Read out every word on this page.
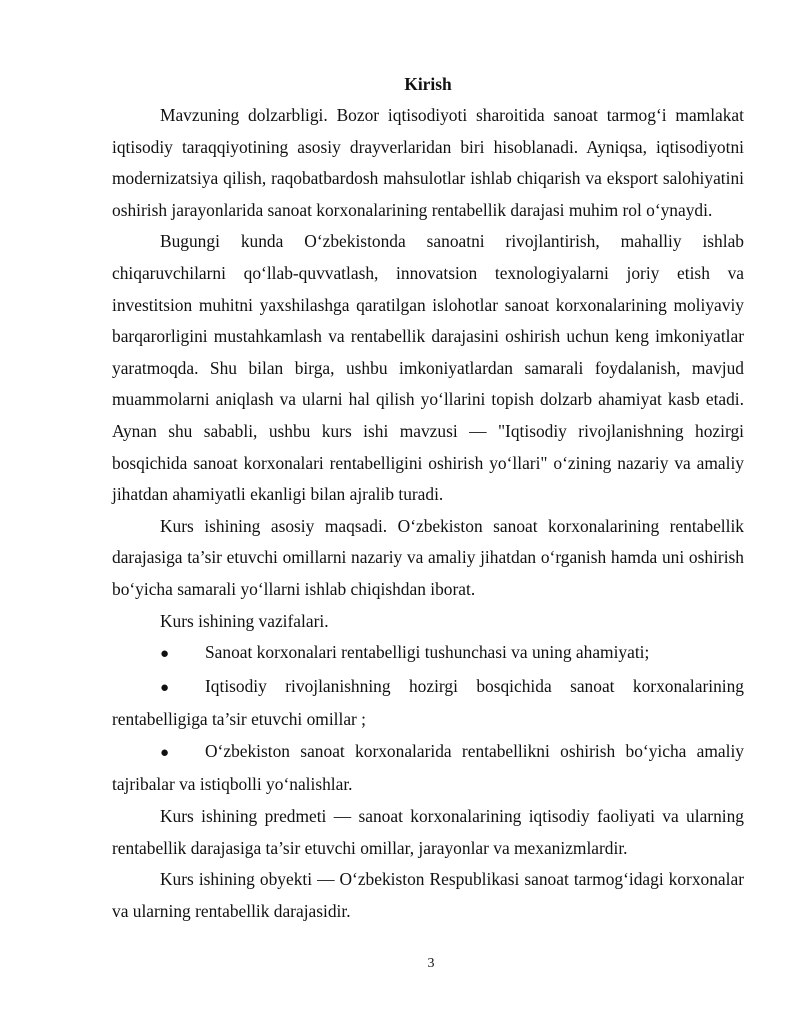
Kirish

Mavzuning dolzarbligi. Bozor iqtisodiyoti sharoitida sanoat tarmog‘i mamlakat iqtisodiy taraqqiyotining asosiy drayverlaridan biri hisoblanadi. Ayniqsa, iqtisodiyotni modernizatsiya qilish, raqobatbardosh mahsulotlar ishlab chiqarish va eksport salohiyatini oshirish jarayonlarida sanoat korxonalarining rentabellik darajasi muhim rol o‘ynaydi.

Bugungi kunda O‘zbekistonda sanoatni rivojlantirish, mahalliy ishlab chiqaruvchilarni qo‘llab-quvvatlash, innovatsion texnologiyalarni joriy etish va investitsion muhitni yaxshilashga qaratilgan islohotlar sanoat korxonalarining moliyaviy barqarorligini mustahkamlash va rentabellik darajasini oshirish uchun keng imkoniyatlar yaratmoqda. Shu bilan birga, ushbu imkoniyatlardan samarali foydalanish, mavjud muammolarni aniqlash va ularni hal qilish yo‘llarini topish dolzarb ahamiyat kasb etadi. Aynan shu sababli, ushbu kurs ishi mavzusi — "Iqtisodiy rivojlanishning hozirgi bosqichida sanoat korxonalari rentabelligini oshirish yo‘llari" o‘zining nazariy va amaliy jihatdan ahamiyatli ekanligi bilan ajralib turadi.

Kurs ishining asosiy maqsadi. O‘zbekiston sanoat korxonalarining rentabellik darajasiga ta’sir etuvchi omillarni nazariy va amaliy jihatdan o‘rganish hamda uni oshirish bo‘yicha samarali yo‘llarni ishlab chiqishdan iborat.

Kurs ishining vazifalari.

● Sanoat korxonalari rentabelligi tushunchasi va uning ahamiyati;

● Iqtisodiy rivojlanishning hozirgi bosqichida sanoat korxonalarining rentabelligiga ta’sir etuvchi omillar ;

● O‘zbekiston sanoat korxonalarida rentabellikni oshirish bo‘yicha amaliy tajribalar va istiqbolli yo‘nalishlar.

Kurs ishining predmeti — sanoat korxonalarining iqtisodiy faoliyati va ularning rentabellik darajasiga ta’sir etuvchi omillar, jarayonlar va mexanizmlardir.

Kurs ishining obyekti — O‘zbekiston Respublikasi sanoat tarmog‘idagi korxonalar va ularning rentabellik darajasidir.

3
